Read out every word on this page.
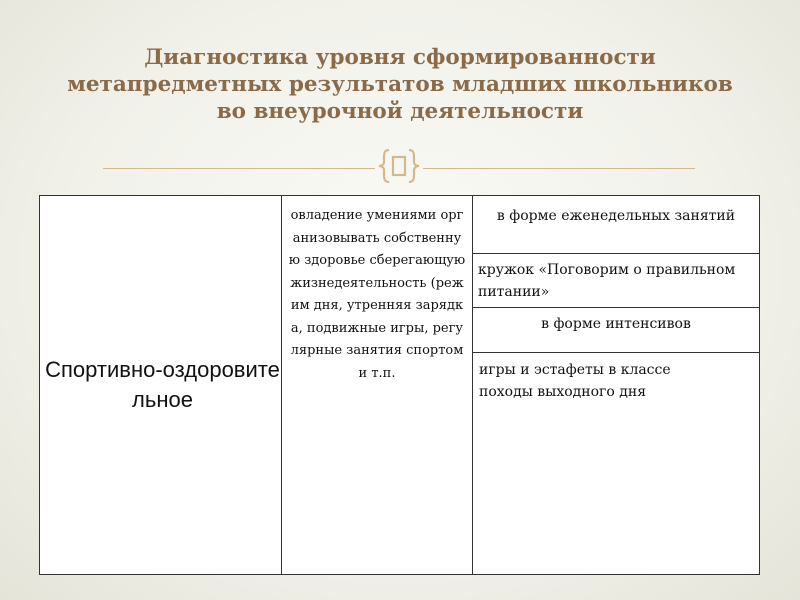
Диагностика уровня сформированности метапредметных результатов младших школьников во внеурочной деятельности
Спортивно-оздоровительное
овладение умениями организовывать собственную здоровье сберегающую жизнедеятельность (режим дня, утренняя зарядка, подвижные игры, регулярные занятия спортом и т.п.
в форме еженедельных занятий
кружок «Поговорим о правильном питании»
в форме интенсивов
игры и эстафеты в классе
походы выходного дня
